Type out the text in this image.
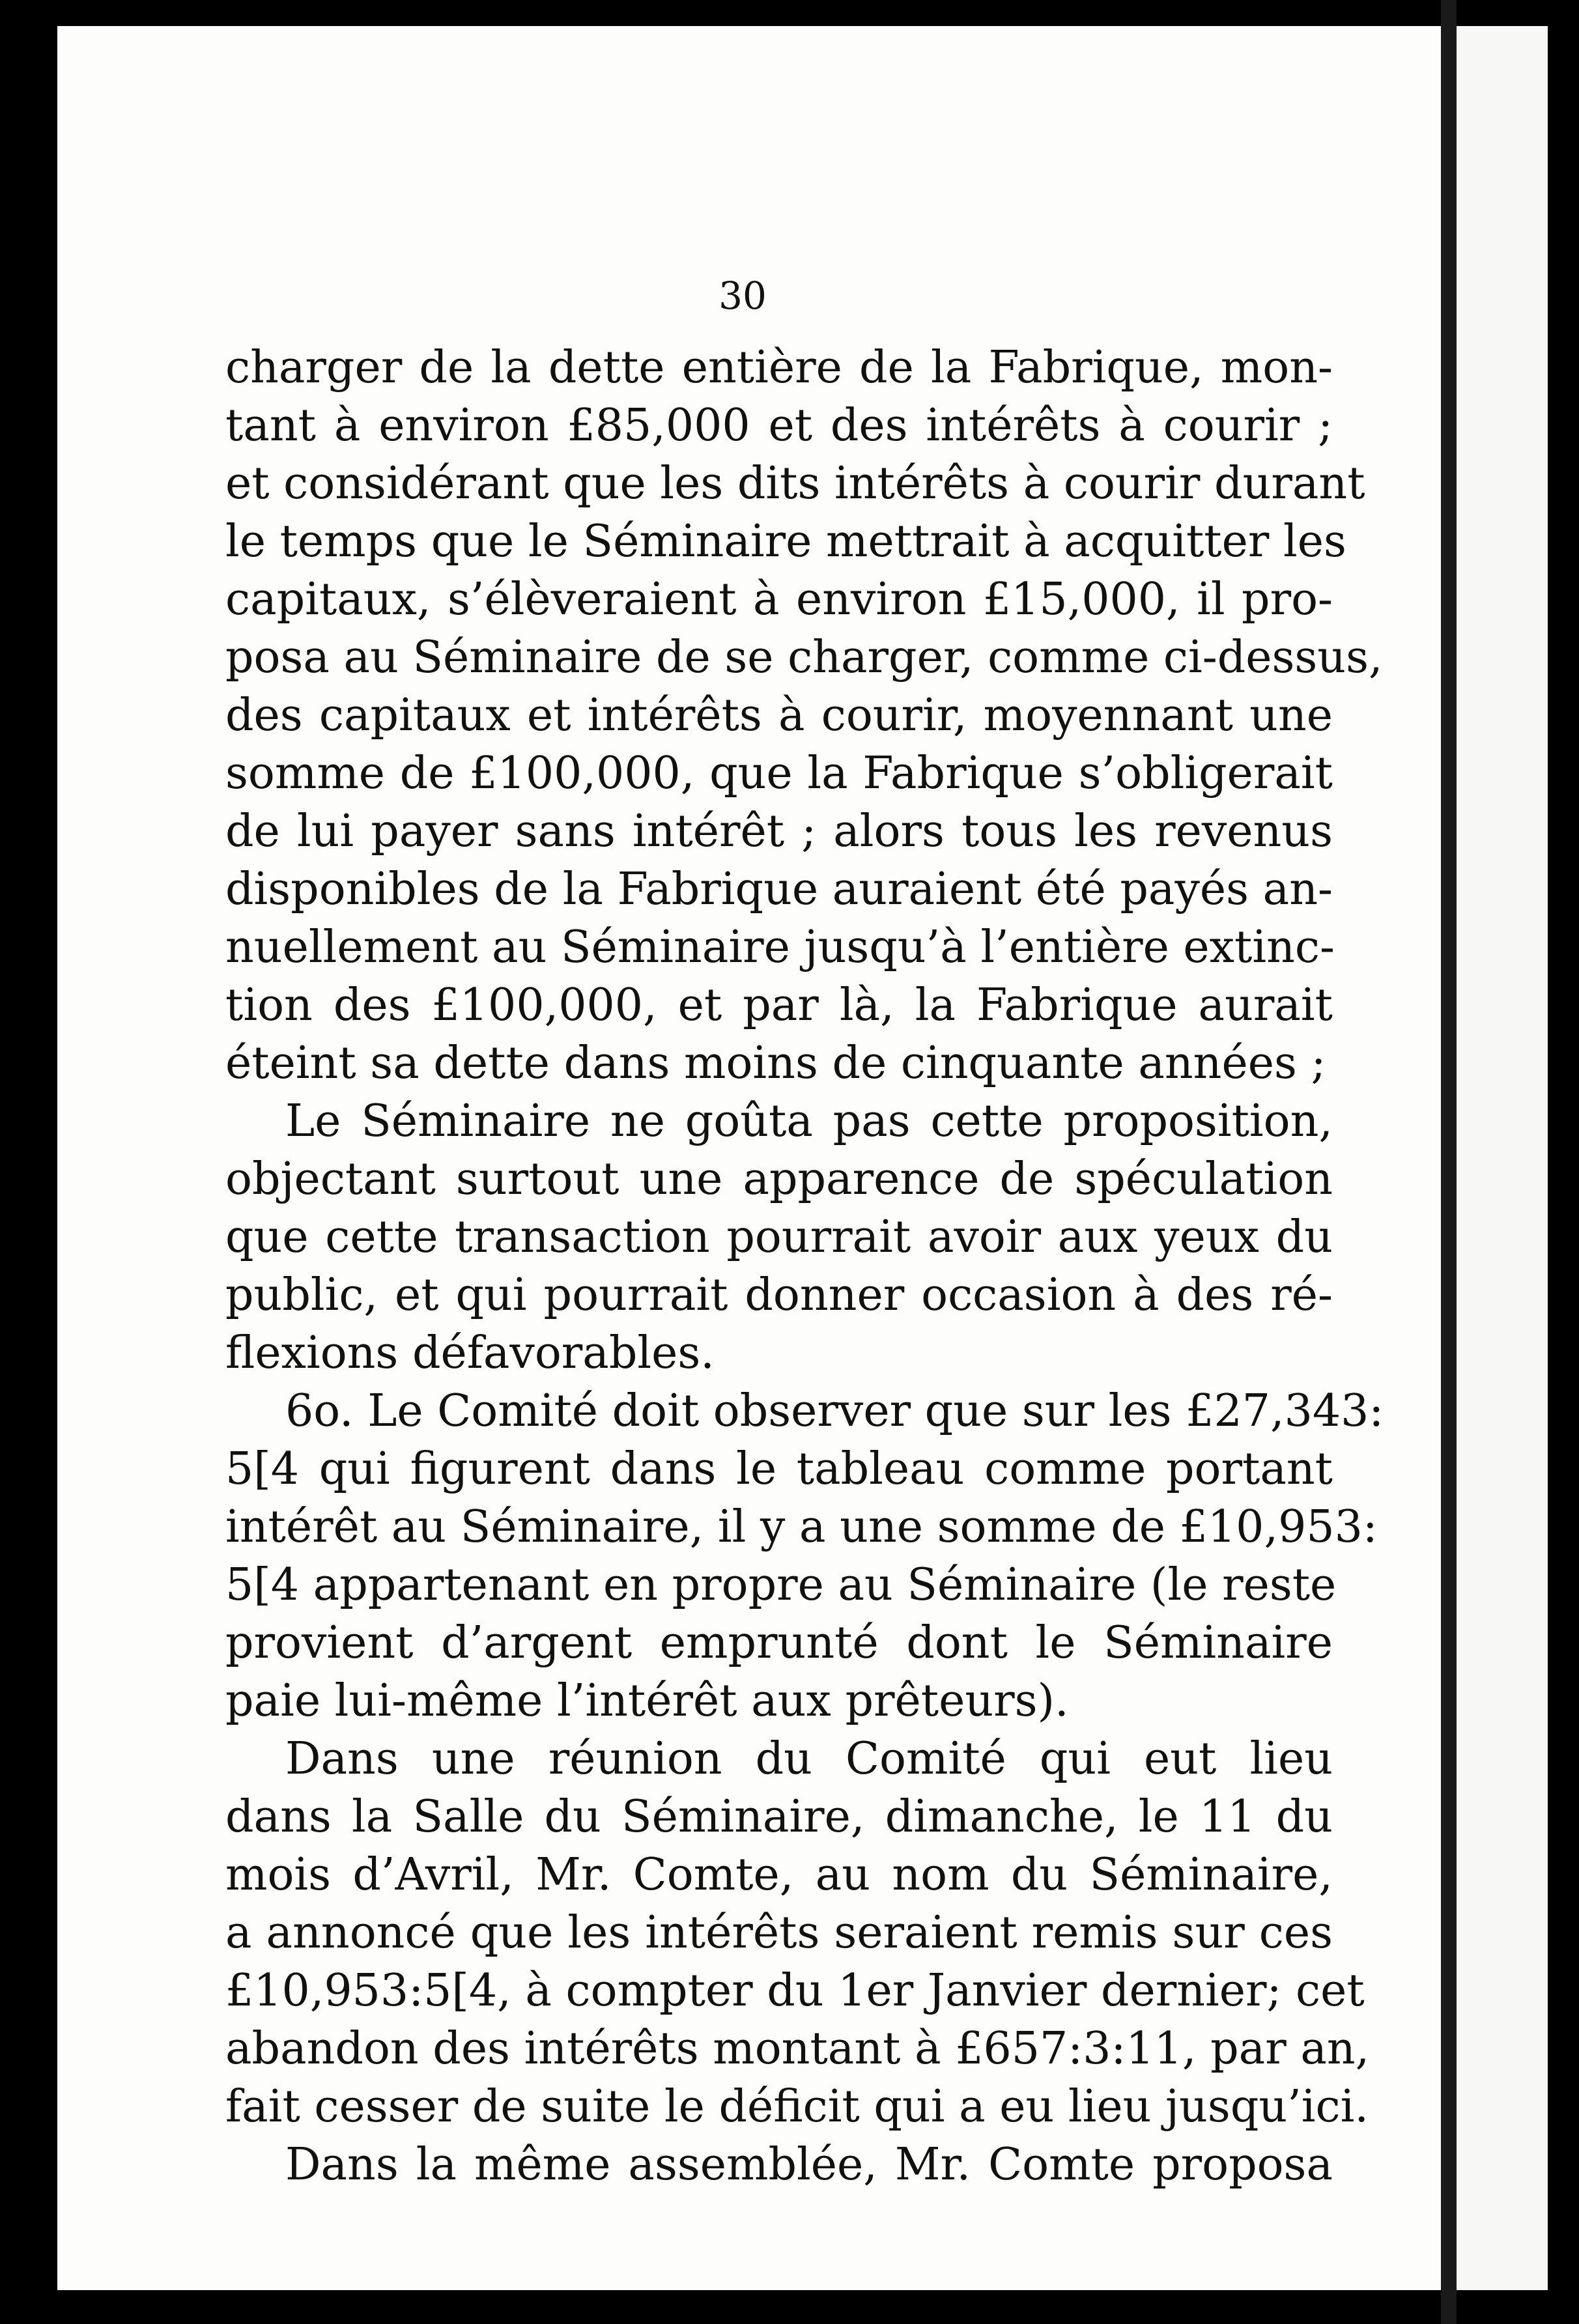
30
charger de la dette entière de la Fabrique, mon-
tant à environ £85,000 et des intérêts à courir ;
et considérant que les dits intérêts à courir durant
le temps que le Séminaire mettrait à acquitter les
capitaux, s’élèveraient à environ £15,000, il pro-
posa au Séminaire de se charger, comme ci-dessus,
des capitaux et intérêts à courir, moyennant une
somme de £100,000, que la Fabrique s’obligerait
de lui payer sans intérêt ; alors tous les revenus
disponibles de la Fabrique auraient été payés an-
nuellement au Séminaire jusqu’à l’entière extinc-
tion des £100,000, et par là, la Fabrique aurait
éteint sa dette dans moins de cinquante années ;
Le Séminaire ne goûta pas cette proposition,
objectant surtout une apparence de spéculation
que cette transaction pourrait avoir aux yeux du
public, et qui pourrait donner occasion à des ré-
flexions défavorables.
6o. Le Comité doit observer que sur les £27,343:
5[4 qui figurent dans le tableau comme portant
intérêt au Séminaire, il y a une somme de £10,953:
5[4 appartenant en propre au Séminaire (le reste
provient d’argent emprunté dont le Séminaire
paie lui-même l’intérêt aux prêteurs).
Dans une réunion du Comité qui eut lieu
dans la Salle du Séminaire, dimanche, le 11 du
mois d’Avril, Mr. Comte, au nom du Séminaire,
a annoncé que les intérêts seraient remis sur ces
£10,953:5[4, à compter du 1er Janvier dernier; cet
abandon des intérêts montant à £657:3:11, par an,
fait cesser de suite le déficit qui a eu lieu jusqu’ici.
Dans la même assemblée, Mr. Comte proposa
